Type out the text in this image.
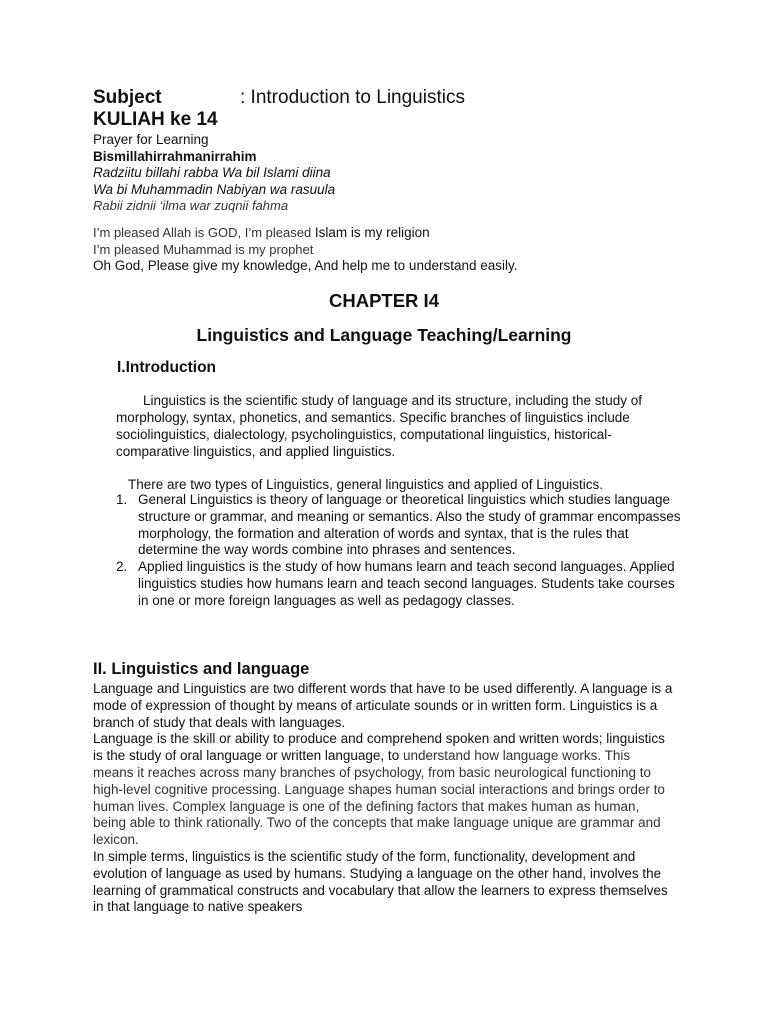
Subject	: Introduction to Linguistics
KULIAH ke 14
Prayer for Learning
Bismillahirrahmanirrahim
Radziitu billahi rabba Wa bil Islami diina
Wa bi Muhammadin Nabiyan wa rasuula
Rabii zidnii ‘ilma war zuqnii fahma
I’m pleased Allah is GOD, I’m pleased Islam is my religion
I’m pleased Muhammad is my prophet
Oh God, Please give my knowledge, And help me to understand easily.
CHAPTER I4
Linguistics and Language Teaching/Learning
I.Introduction
Linguistics is the scientific study of language and its structure, including the study of morphology, syntax, phonetics, and semantics. Specific branches of linguistics include sociolinguistics, dialectology, psycholinguistics, computational linguistics, historical-comparative linguistics, and applied linguistics.
There are two types of Linguistics, general linguistics and applied of Linguistics.
1. General Linguistics is theory of language or theoretical linguistics which studies language structure or grammar, and meaning or semantics. Also the study of grammar encompasses morphology, the formation and alteration of words and syntax, that is the rules that determine the way words combine into phrases and sentences.
2. Applied linguistics is the study of how humans learn and teach second languages. Applied linguistics studies how humans learn and teach second languages. Students take courses in one or more foreign languages as well as pedagogy classes.
II. Linguistics and language
Language and Linguistics are two different words that have to be used differently. A language is a mode of expression of thought by means of articulate sounds or in written form. Linguistics is a branch of study that deals with languages.
Language is the skill or ability to produce and comprehend spoken and written words; linguistics is the study of oral language or written language, to understand how language works. This means it reaches across many branches of psychology, from basic neurological functioning to high-level cognitive processing. Language shapes human social interactions and brings order to human lives. Complex language is one of the defining factors that makes human as human, being able to think rationally. Two of the concepts that make language unique are grammar and lexicon.
In simple terms, linguistics is the scientific study of the form, functionality, development and evolution of language as used by humans. Studying a language on the other hand, involves the learning of grammatical constructs and vocabulary that allow the learners to express themselves in that language to native speakers
